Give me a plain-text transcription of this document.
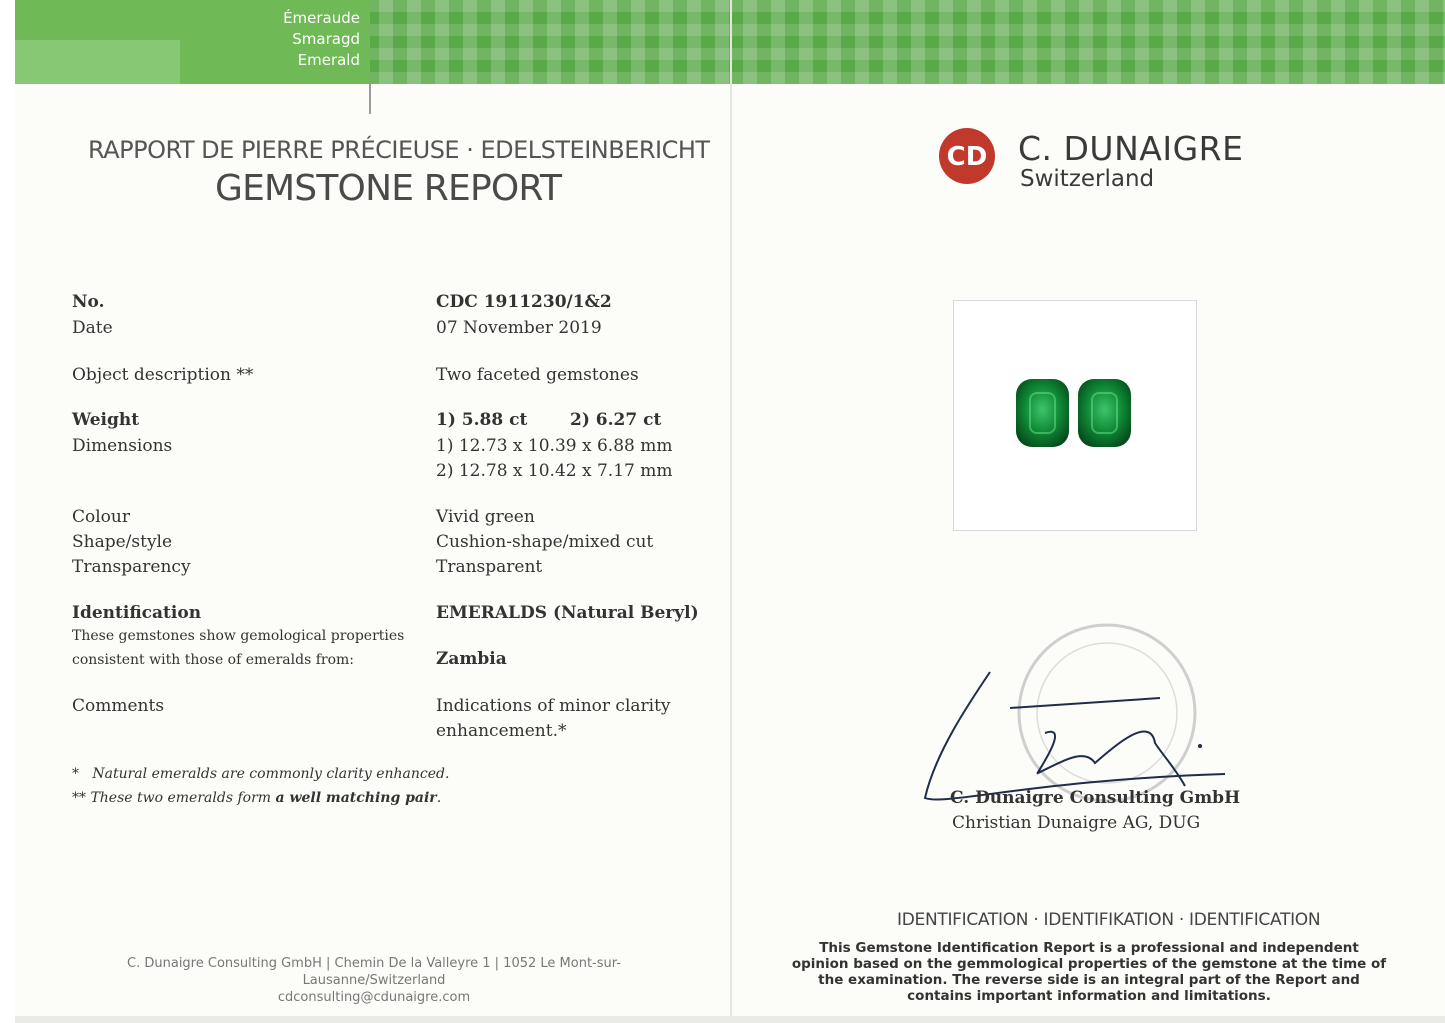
Émeraude
Smaragd
Emerald
RAPPORT DE PIERRE PRÉCIEUSE · EDELSTEINBERICHT
GEMSTONE REPORT
No.	CDC 1911230/1&2
Date	07 November 2019
Object description **	Two faceted gemstones
Weight	1) 5.88 ct	2) 6.27 ct
Dimensions	1) 12.73 x 10.39 x 6.88 mm
2) 12.78 x 10.42 x 7.17 mm
Colour	Vivid green
Shape/style	Cushion-shape/mixed cut
Transparency	Transparent
Identification	EMERALDS (Natural Beryl)
These gemstones show gemological properties
consistent with those of emeralds from:	Zambia
Comments	Indications of minor clarity
enhancement.*
* Natural emeralds are commonly clarity enhanced.
** These two emeralds form a well matching pair.
C. Dunaigre Consulting GmbH | Chemin De la Valleyre 1 | 1052 Le Mont-sur-Lausanne/Switzerland
cdconsulting@cdunaigre.com
CD C. DUNAIGRE
Switzerland
C. Dunaigre Consulting GmbH
Christian Dunaigre AG, DUG
IDENTIFICATION · IDENTIFIKATION · IDENTIFICATION
This Gemstone Identification Report is a professional and independent opinion based on the gemmological properties of the gemstone at the time of the examination. The reverse side is an integral part of the Report and contains important information and limitations.
